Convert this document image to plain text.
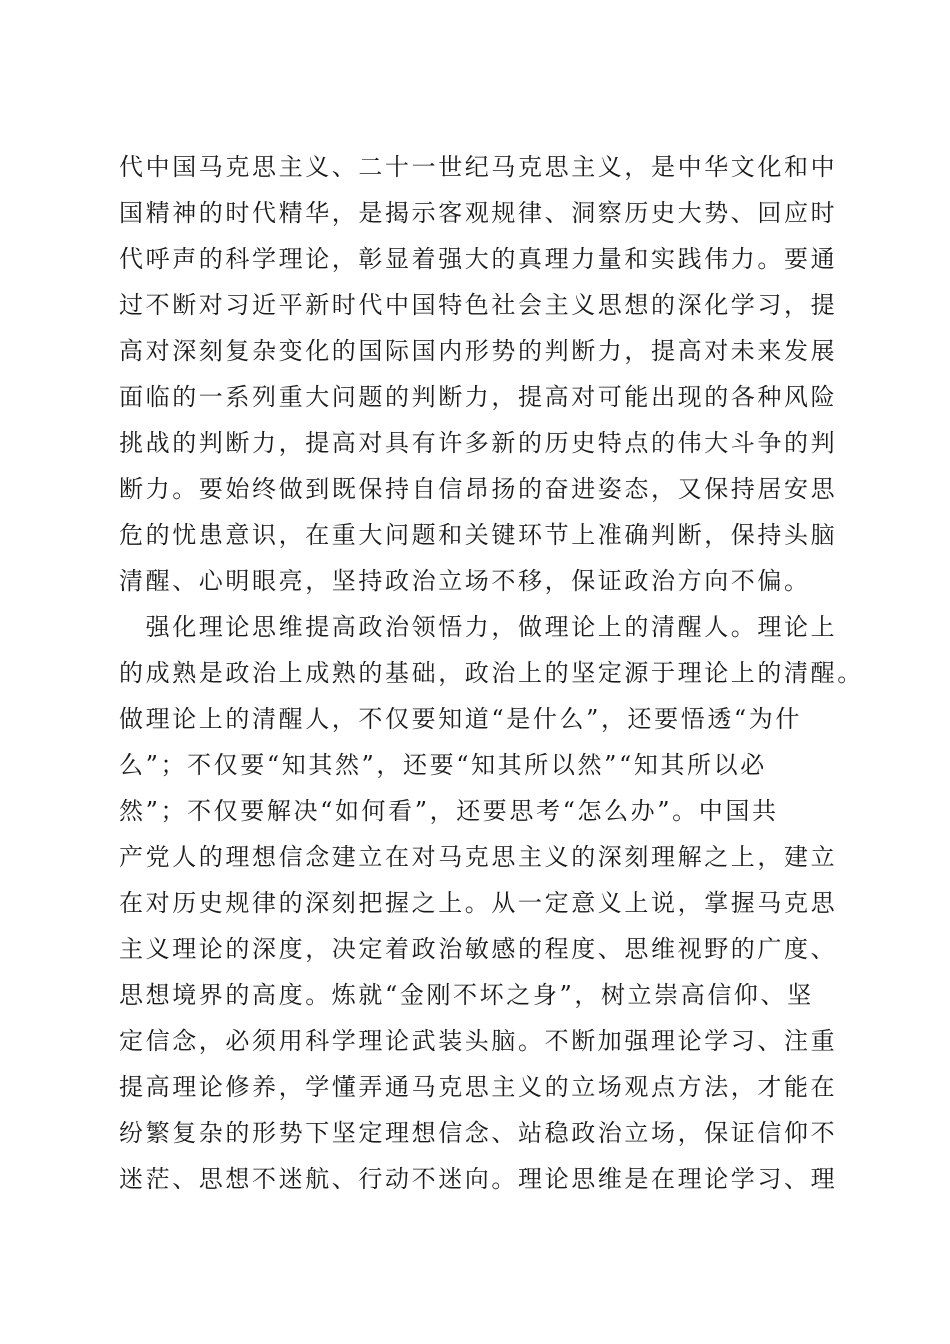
代中国马克思主义、二十一世纪马克思主义，是中华文化和中
国精神的时代精华，是揭示客观规律、洞察历史大势、回应时
代呼声的科学理论，彰显着强大的真理力量和实践伟力。要通
过不断对习近平新时代中国特色社会主义思想的深化学习，提
高对深刻复杂变化的国际国内形势的判断力，提高对未来发展
面临的一系列重大问题的判断力，提高对可能出现的各种风险
挑战的判断力，提高对具有许多新的历史特点的伟大斗争的判
断力。要始终做到既保持自信昂扬的奋进姿态，又保持居安思
危的忧患意识，在重大问题和关键环节上准确判断，保持头脑
清醒、心明眼亮，坚持政治立场不移，保证政治方向不偏。
　强化理论思维提高政治领悟力，做理论上的清醒人。理论上
的成熟是政治上成熟的基础，政治上的坚定源于理论上的清醒。
做理论上的清醒人，不仅要知道“是什么”，还要悟透“为什
么”；不仅要“知其然”，还要“知其所以然”“知其所以必
然”；不仅要解决“如何看”，还要思考“怎么办”。中国共
产党人的理想信念建立在对马克思主义的深刻理解之上，建立
在对历史规律的深刻把握之上。从一定意义上说，掌握马克思
主义理论的深度，决定着政治敏感的程度、思维视野的广度、
思想境界的高度。炼就“金刚不坏之身”，树立崇高信仰、坚
定信念，必须用科学理论武装头脑。不断加强理论学习、注重
提高理论修养，学懂弄通马克思主义的立场观点方法，才能在
纷繁复杂的形势下坚定理想信念、站稳政治立场，保证信仰不
迷茫、思想不迷航、行动不迷向。理论思维是在理论学习、理
